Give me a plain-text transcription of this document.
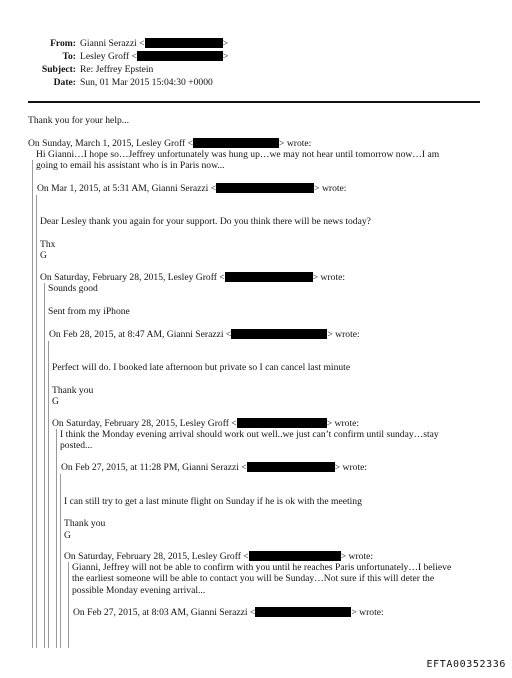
From: Gianni Serazzi <	>
To: Lesley Groff <	>
Subject: Re: Jeffrey Epstein
Date: Sun, 01 Mar 2015 15:04:30 +0000
Thank you for your help...
On Sunday, March 1, 2015, Lesley Groff <	> wrote:
Hi Gianni…I hope so…Jeffrey unfortunately was hung up…we may not hear until tomorrow now…I am
going to email his assistant who is in Paris now...
On Mar 1, 2015, at 5:31 AM, Gianni Serazzi <	> wrote:
Dear Lesley thank you again for your support. Do you think there will be news today?
Thx
G
On Saturday, February 28, 2015, Lesley Groff <	> wrote:
Sounds good
Sent from my iPhone
On Feb 28, 2015, at 8:47 AM, Gianni Serazzi <	> wrote:
Perfect will do. I booked late afternoon but private so I can cancel last minute
Thank you
G
On Saturday, February 28, 2015, Lesley Groff <	> wrote:
I think the Monday evening arrival should work out well..we just can’t confirm until sunday…stay
posted...
On Feb 27, 2015, at 11:28 PM, Gianni Serazzi <	> wrote:
I can still try to get a last minute flight on Sunday if he is ok with the meeting
Thank you
G
On Saturday, February 28, 2015, Lesley Groff <	> wrote:
Gianni, Jeffrey will not be able to confirm with you until he reaches Paris unfortunately…I believe
the earliest someone will be able to contact you will be Sunday…Not sure if this will deter the
possible Monday evening arrival...
On Feb 27, 2015, at 8:03 AM, Gianni Serazzi <	> wrote:
EFTA00352336
